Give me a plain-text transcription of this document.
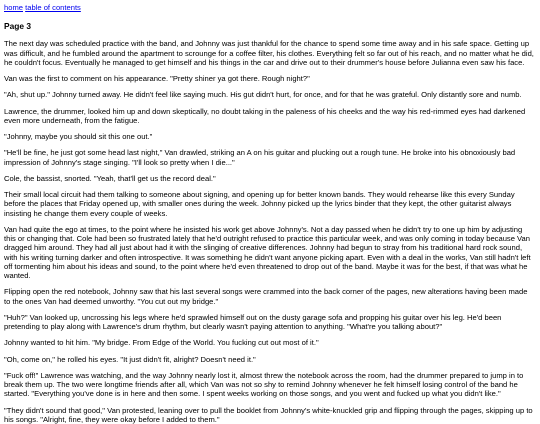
home table of contents
Page 3

The next day was scheduled practice with the band, and Johnny was just thankful for the chance to spend some time away and in his safe space. Getting up was difficult, and he fumbled around the apartment to scrounge for a coffee filter, his clothes. Everything felt so far out of his reach, and no matter what he did, he couldn't focus. Eventually he managed to get himself and his things in the car and drive out to their drummer's house before Julianna even saw his face.

Van was the first to comment on his appearance. "Pretty shiner ya got there. Rough night?"

"Ah, shut up." Johnny turned away. He didn't feel like saying much. His gut didn't hurt, for once, and for that he was grateful. Only distantly sore and numb.

Lawrence, the drummer, looked him up and down skeptically, no doubt taking in the paleness of his cheeks and the way his red-rimmed eyes had darkened even more underneath, from the fatigue.

"Johnny, maybe you should sit this one out."

"He'll be fine, he just got some head last night," Van drawled, striking an A on his guitar and plucking out a rough tune. He broke into his obnoxiously bad impression of Johnny's stage singing. "I'll look so pretty when I die..."

Cole, the bassist, snorted. "Yeah, that'll get us the record deal."

Their small local circuit had them talking to someone about signing, and opening up for better known bands. They would rehearse like this every Sunday before the places that Friday opened up, with smaller ones during the week. Johnny picked up the lyrics binder that they kept, the other guitarist always insisting he change them every couple of weeks.

Van had quite the ego at times, to the point where he insisted his work get above Johnny's. Not a day passed when he didn't try to one up him by adjusting this or changing that. Cole had been so frustrated lately that he'd outright refused to practice this particular week, and was only coming in today because Van dragged him around. They had all just about had it with the slinging of creative differences. Johnny had begun to stray from his traditional hard rock sound, with his writing turning darker and often introspective. It was something he didn't want anyone picking apart. Even with a deal in the works, Van still hadn't left off tormenting him about his ideas and sound, to the point where he'd even threatened to drop out of the band. Maybe it was for the best, if that was what he wanted.

Flipping open the red notebook, Johnny saw that his last several songs were crammed into the back corner of the pages, new alterations having been made to the ones Van had deemed unworthy. "You cut out my bridge."

"Huh?" Van looked up, uncrossing his legs where he'd sprawled himself out on the dusty garage sofa and propping his guitar over his leg. He'd been pretending to play along with Lawrence's drum rhythm, but clearly wasn't paying attention to anything. "What're you talking about?"

Johnny wanted to hit him. "My bridge. From Edge of the World. You fucking cut out most of it."

"Oh, come on," he rolled his eyes. "It just didn't fit, alright? Doesn't need it."

"Fuck off!" Lawrence was watching, and the way Johnny nearly lost it, almost threw the notebook across the room, had the drummer prepared to jump in to break them up. The two were longtime friends after all, which Van was not so shy to remind Johnny whenever he felt himself losing control of the band he started. "Everything you've done is in here and then some. I spent weeks working on those songs, and you went and fucked up what you didn't like."

"They didn't sound that good," Van protested, leaning over to pull the booklet from Johnny's white-knuckled grip and flipping through the pages, skipping up to his songs. "Alright, fine, they were okay before I added to them."
